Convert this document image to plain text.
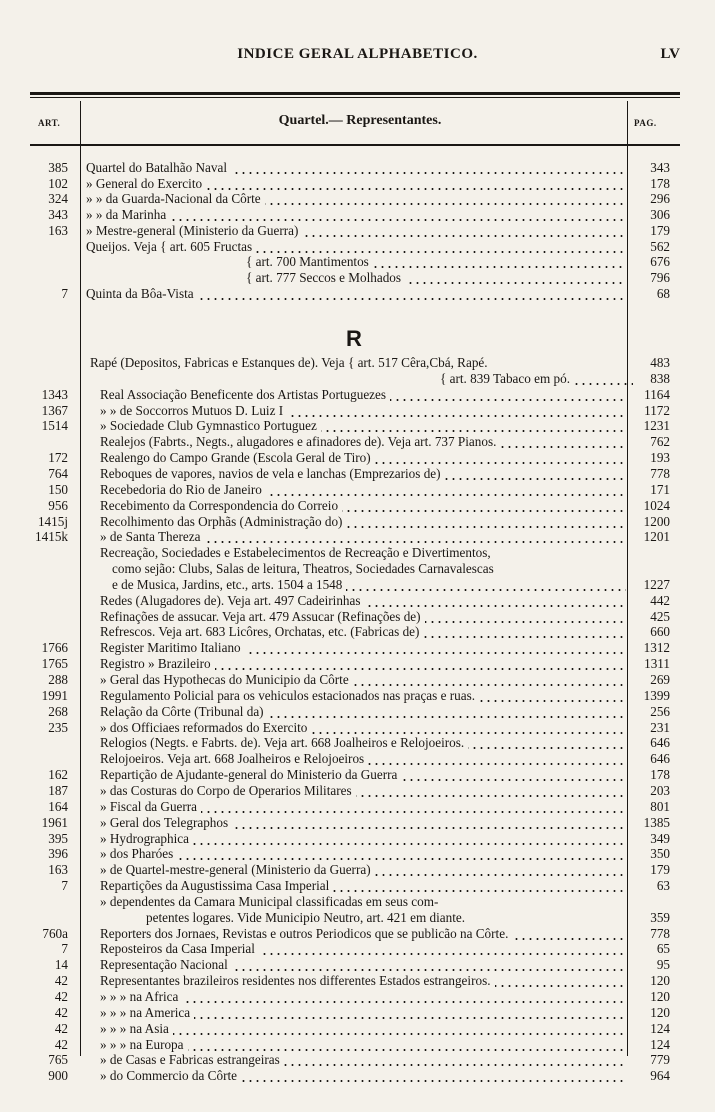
INDICE GERAL ALPHABETICO.	LV
ART.	Quartel.— Representantes.	PAG.
385 Quartel do Batalhão Naval	343
102 » General do Exercito	178
324 » » da Guarda-Nacional da Côrte	296
343 » » da Marinha	306
163 » Mestre-general (Ministerio da Guerra)	179
Queijos. Veja { art. 605 Fructas	562
{ art. 700 Mantimentos	676
{ art. 777 Seccos e Molhados	796
7 Quinta da Bôa-Vista	68
R
Rapé (Depositos, Fabricas e Estanques de). Veja { art. 517 Cêra,Cbá, Rapé.	483
{ art. 839 Tabaco em pó.	838
1343 Real Associação Beneficente dos Artistas Portuguezes	1164
1367 » » de Soccorros Mutuos D. Luiz I	1172
1514 » Sociedade Club Gymnastico Portuguez	1231
Realejos (Fabrts., Negts., alugadores e afinadores de). Veja art. 737 Pianos.	762
172 Realengo do Campo Grande (Escola Geral de Tiro)	193
764 Reboques de vapores, navios de vela e lanchas (Emprezarios de)	778
150 Recebedoria do Rio de Janeiro	171
956 Recebimento da Correspondencia do Correio	1024
1415j Recolhimento das Orphãs (Administração do)	1200
1415k » de Santa Thereza	1201
Recreação, Sociedades e Estabelecimentos de Recreação e Divertimentos,
como sejão: Clubs, Salas de leitura, Theatros, Sociedades Carnavalescas
e de Musica, Jardins, etc., arts. 1504 a 1548	1227
Redes (Alugadores de). Veja art. 497 Cadeirinhas	442
Refinações de assucar. Veja art. 479 Assucar (Refinações de)	425
Refrescos. Veja art. 683 Licôres, Orchatas, etc. (Fabricas de)	660
1766 Register Maritimo Italiano	1312
1765 Registro » Brazileiro	1311
288 » Geral das Hypothecas do Municipio da Côrte	269
1991 Regulamento Policial para os vehiculos estacionados nas praças e ruas.	1399
268 Relação da Côrte (Tribunal da)	256
235 » dos Officiaes reformados do Exercito	231
Relogios (Negts. e Fabrts. de). Veja art. 668 Joalheiros e Relojoeiros.	646
Relojoeiros. Veja art. 668 Joalheiros e Relojoeiros	646
162 Repartição de Ajudante-general do Ministerio da Guerra	178
187 » das Costuras do Corpo de Operarios Militares	203
164 » Fiscal da Guerra	801
1961 » Geral dos Telegraphos	1385
395 » Hydrographica	349
396 » dos Pharóes	350
163 » de Quartel-mestre-general (Ministerio da Guerra)	179
7 Repartições da Augustissima Casa Imperial	63
» dependentes da Camara Municipal classificadas em seus com-
petentes logares. Vide Municipio Neutro, art. 421 em diante.	359
760a Reporters dos Jornaes, Revistas e outros Periodicos que se publicão na Côrte.	778
7 Reposteiros da Casa Imperial	65
14 Representação Nacional	95
42 Representantes brazileiros residentes nos differentes Estados estrangeiros.	120
42 » » » na Africa	120
42 » » » na America	120
42 » » » na Asia	124
42 » » » na Europa	124
765 » de Casas e Fabricas estrangeiras	779
900 » do Commercio da Côrte	964
